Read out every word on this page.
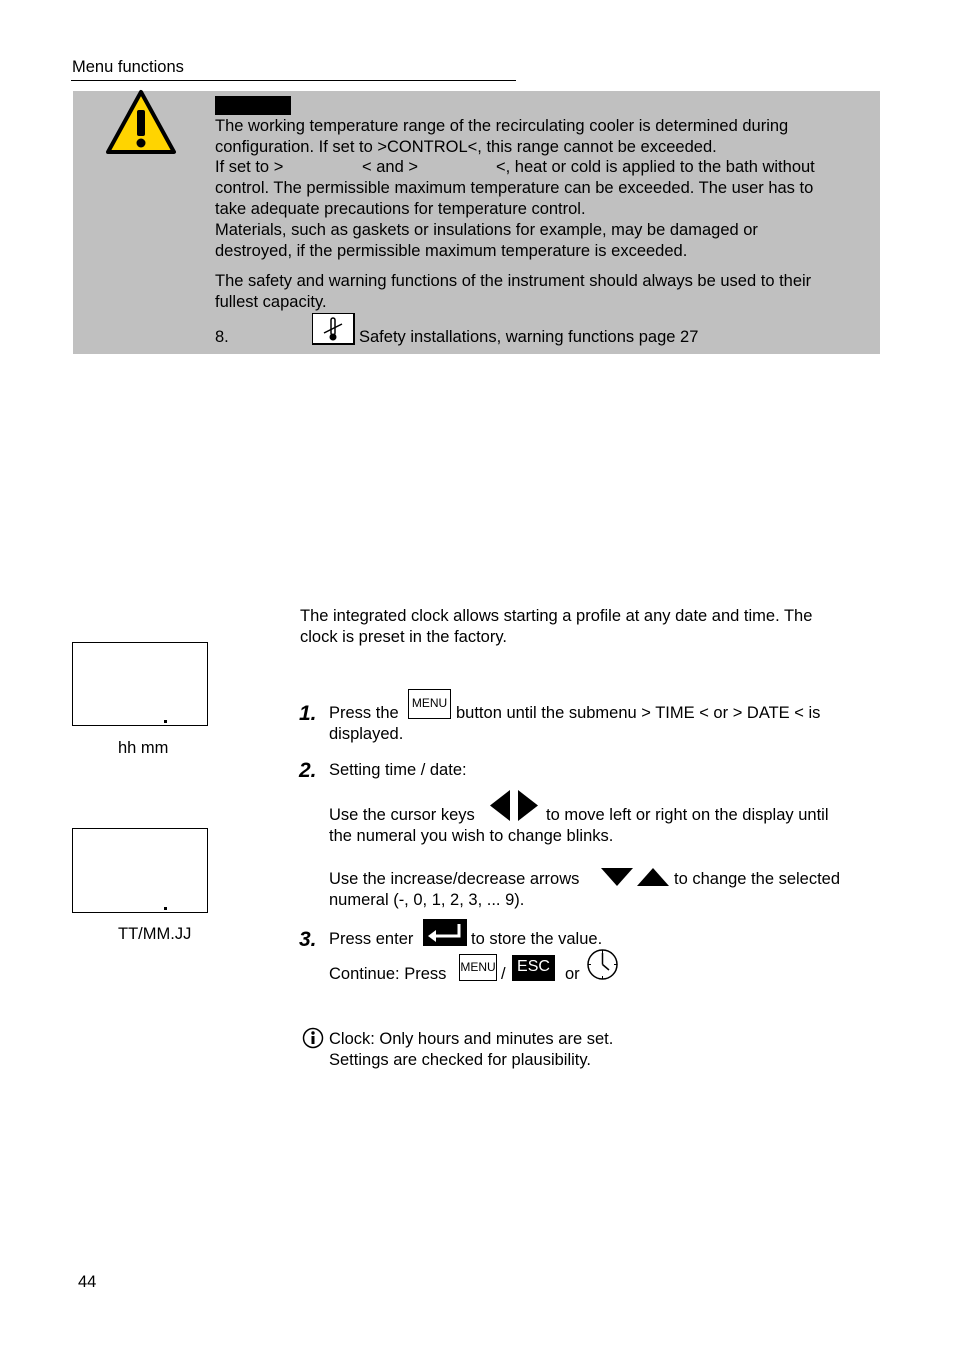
Menu functions
The working temperature range of the recirculating cooler is determined during
configuration. If set to >CONTROL<, this range cannot be exceeded.
If set to >	< and >	<, heat or cold is applied to the bath without
control. The permissible maximum temperature can be exceeded. The user has to
take adequate precautions for temperature control.
Materials, such as gaskets or insulations for example, may be damaged or
destroyed, if the permissible maximum temperature is exceeded.
The safety and warning functions of the instrument should always be used to their
fullest capacity.
8.	Safety installations, warning functions page 27
The integrated clock allows starting a profile at any date and time. The
clock is preset in the factory.
hh mm
TT/MM.JJ
1. Press the
MENU
button until the submenu > TIME < or > DATE < is
displayed.
2. Setting time / date:
Use the cursor keys	to move left or right on the display until
the numeral you wish to change blinks.
Use the increase/decrease arrows	to change the selected
numeral (-, 0, 1, 2, 3, ... 9).
3. Press enter	to store the value.
Continue: Press MENU / ESC or
Clock: Only hours and minutes are set.
Settings are checked for plausibility.
44
